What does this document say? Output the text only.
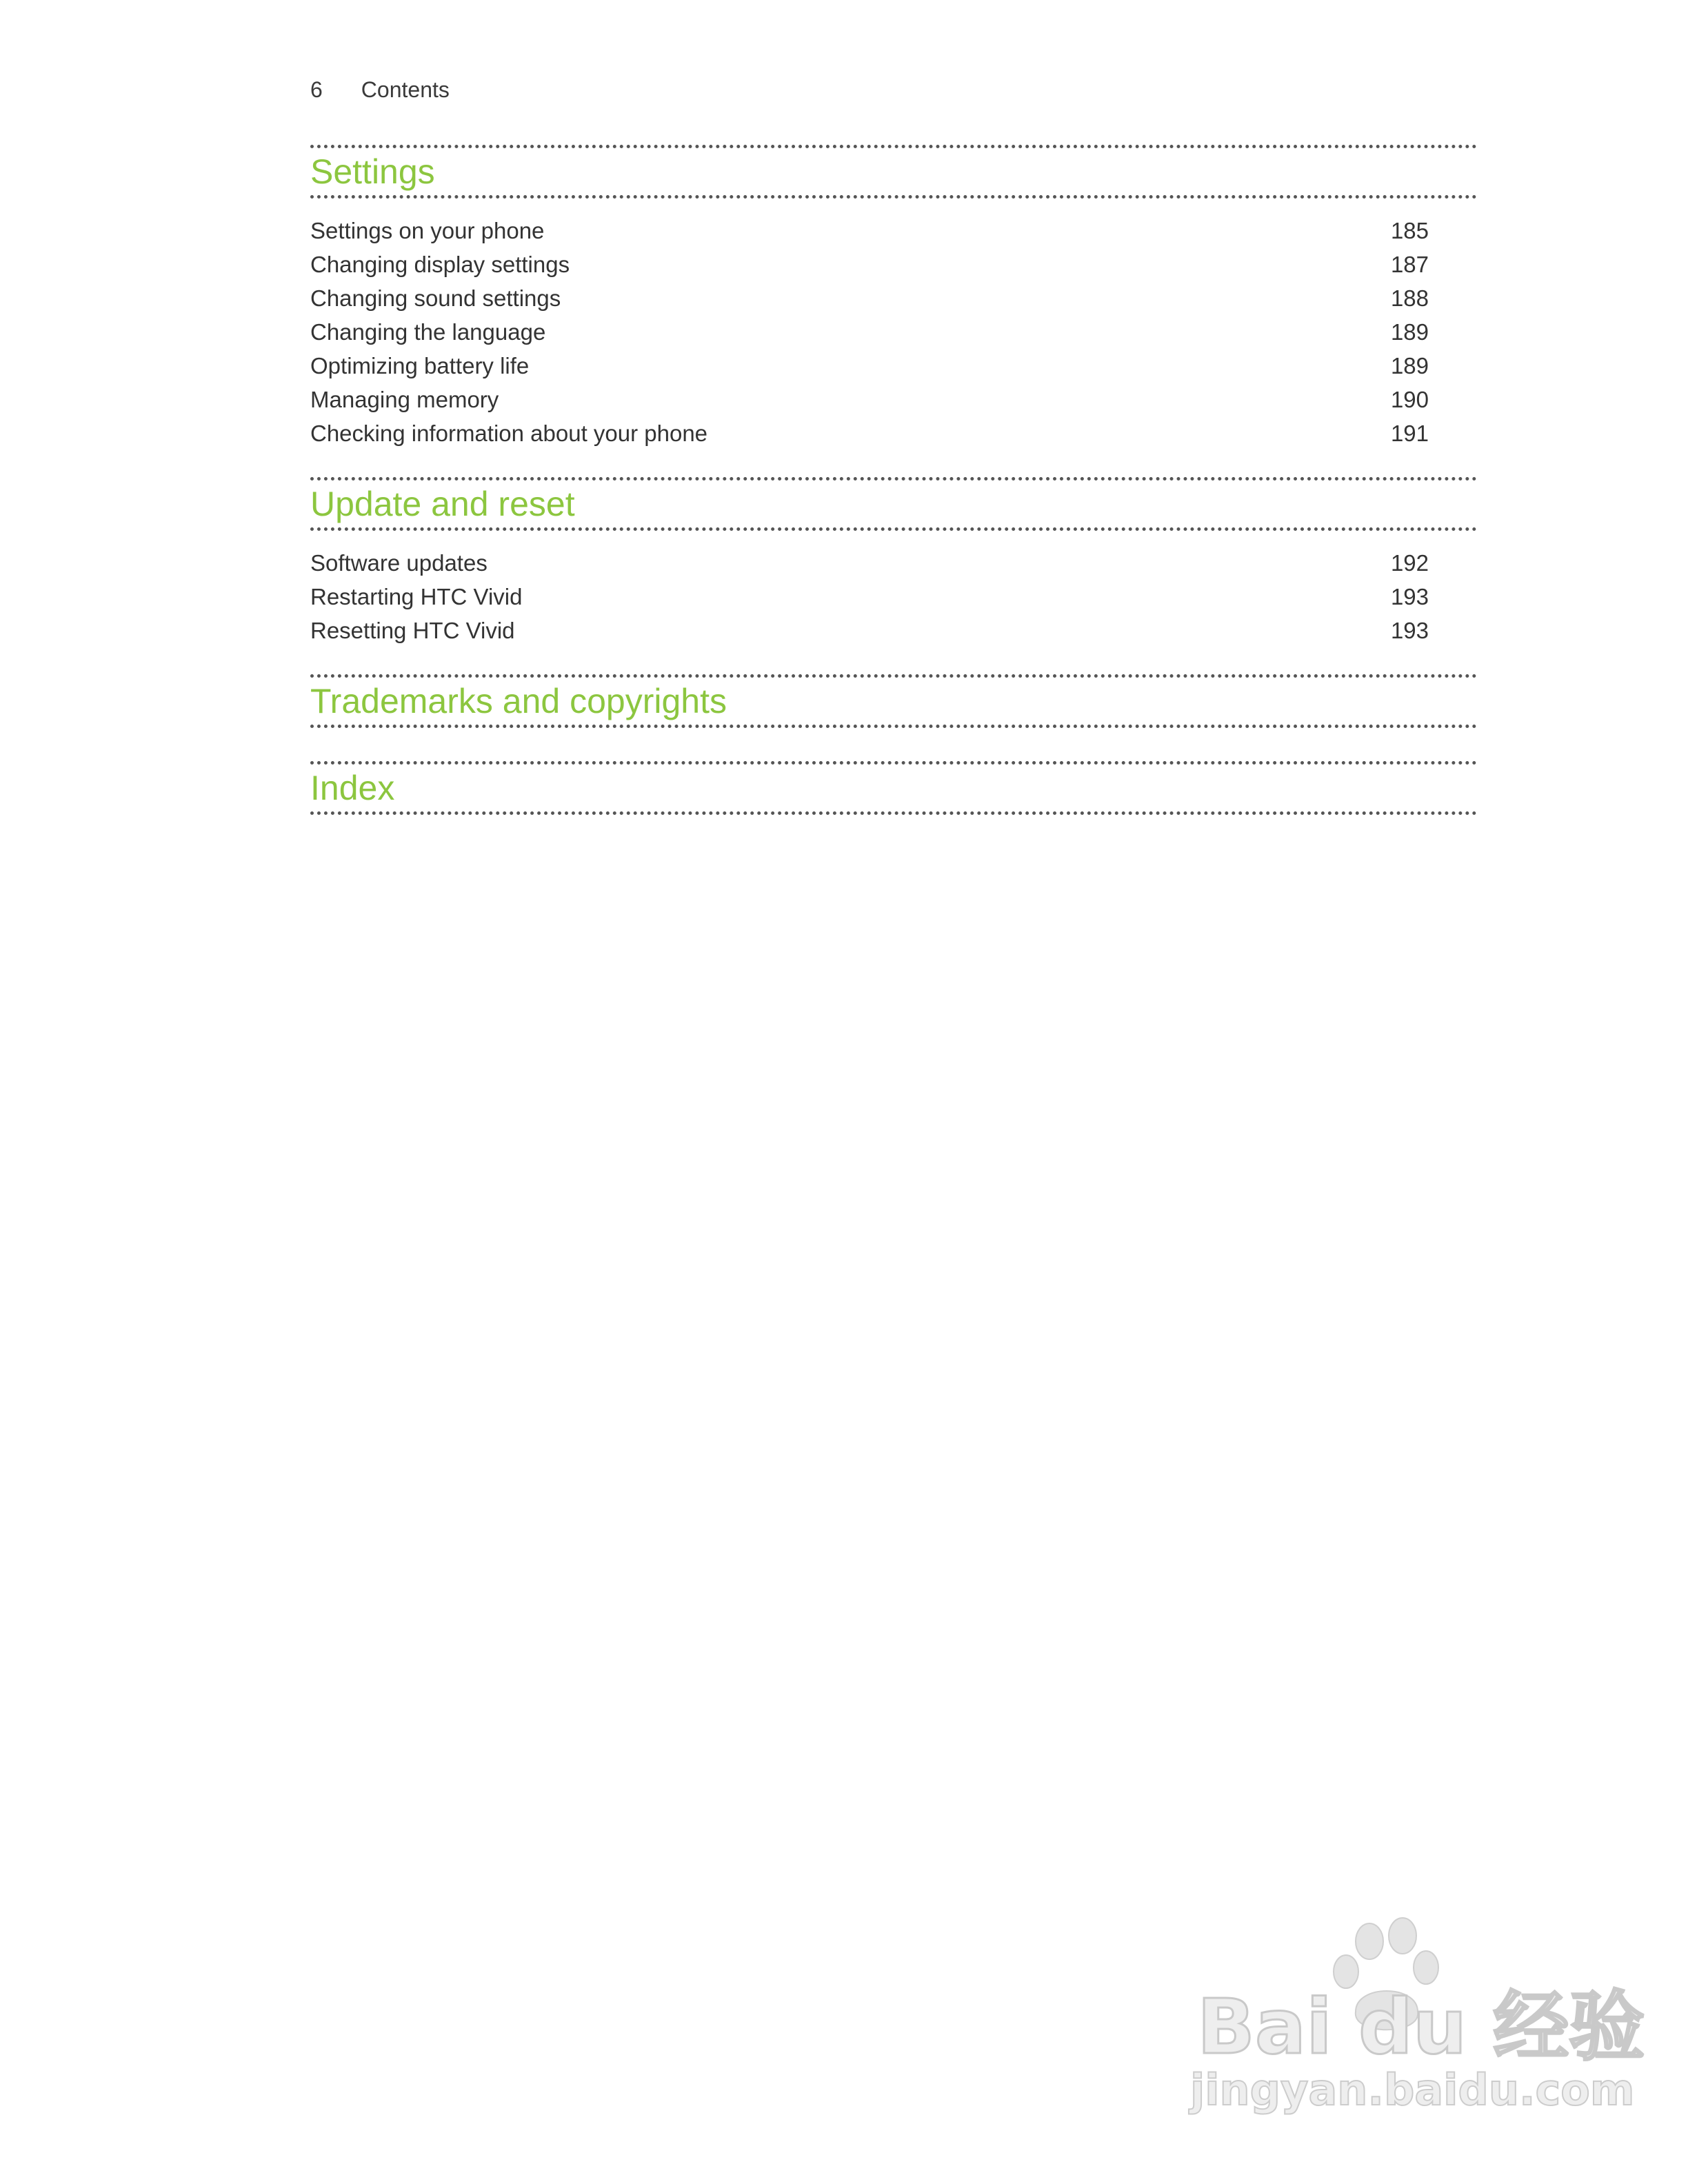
6 Contents
Settings
Settings on your phone	185
Changing display settings	187
Changing sound settings	188
Changing the language	189
Optimizing battery life	189
Managing memory	190
Checking information about your phone	191
Update and reset
Software updates	192
Restarting HTC Vivid	193
Resetting HTC Vivid	193
Trademarks and copyrights
Index
Bai du 经验
jingyan.baidu.com
